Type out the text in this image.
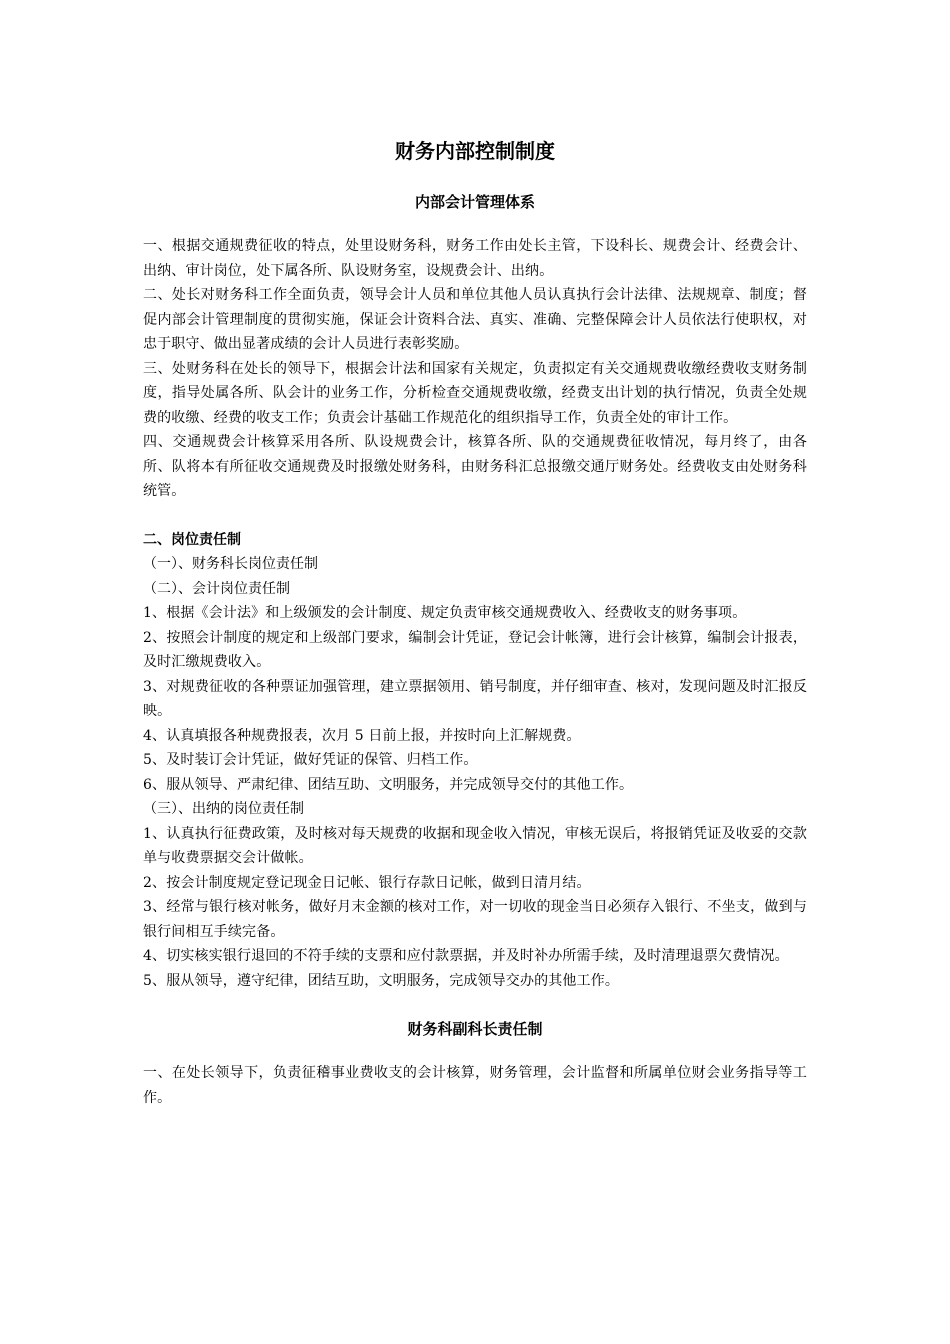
财务内部控制制度
内部会计管理体系

一、根据交通规费征收的特点，处里设财务科，财务工作由处长主管，下设科长、规费会计、经费会计、出纳、审计岗位，处下属各所、队设财务室，设规费会计、出纳。

二、处长对财务科工作全面负责，领导会计人员和单位其他人员认真执行会计法律、法规规章、制度；督促内部会计管理制度的贯彻实施，保证会计资料合法、真实、准确、完整保障会计人员依法行使职权，对忠于职守、做出显著成绩的会计人员进行表彰奖励。

三、处财务科在处长的领导下，根据会计法和国家有关规定，负责拟定有关交通规费收缴经费收支财务制度，指导处属各所、队会计的业务工作，分析检查交通规费收缴，经费支出计划的执行情况，负责全处规费的收缴、经费的收支工作；负责会计基础工作规范化的组织指导工作，负责全处的审计工作。

四、交通规费会计核算采用各所、队设规费会计，核算各所、队的交通规费征收情况，每月终了，由各所、队将本有所征收交通规费及时报缴处财务科，由财务科汇总报缴交通厅财务处。经费收支由处财务科统管。

二、岗位责任制

（一）、财务科长岗位责任制

（二）、会计岗位责任制

1、根据《会计法》和上级颁发的会计制度、规定负责审核交通规费收入、经费收支的财务事项。

2、按照会计制度的规定和上级部门要求，编制会计凭证，登记会计帐簿，进行会计核算，编制会计报表，及时汇缴规费收入。

3、对规费征收的各种票证加强管理，建立票据领用、销号制度，并仔细审查、核对，发现问题及时汇报反映。

4、认真填报各种规费报表，次月 5 日前上报，并按时向上汇解规费。

5、及时装订会计凭证，做好凭证的保管、归档工作。

6、服从领导、严肃纪律、团结互助、文明服务，并完成领导交付的其他工作。

（三）、出纳的岗位责任制

1、认真执行征费政策，及时核对每天规费的收据和现金收入情况，审核无误后，将报销凭证及收妥的交款单与收费票据交会计做帐。

2、按会计制度规定登记现金日记帐、银行存款日记帐，做到日清月结。

3、经常与银行核对帐务，做好月末金额的核对工作，对一切收的现金当日必须存入银行、不坐支，做到与银行间相互手续完备。

4、切实核实银行退回的不符手续的支票和应付款票据，并及时补办所需手续，及时清理退票欠费情况。

5、服从领导，遵守纪律，团结互助，文明服务，完成领导交办的其他工作。

财务科副科长责任制

一、在处长领导下，负责征稽事业费收支的会计核算，财务管理，会计监督和所属单位财会业务指导等工作。
